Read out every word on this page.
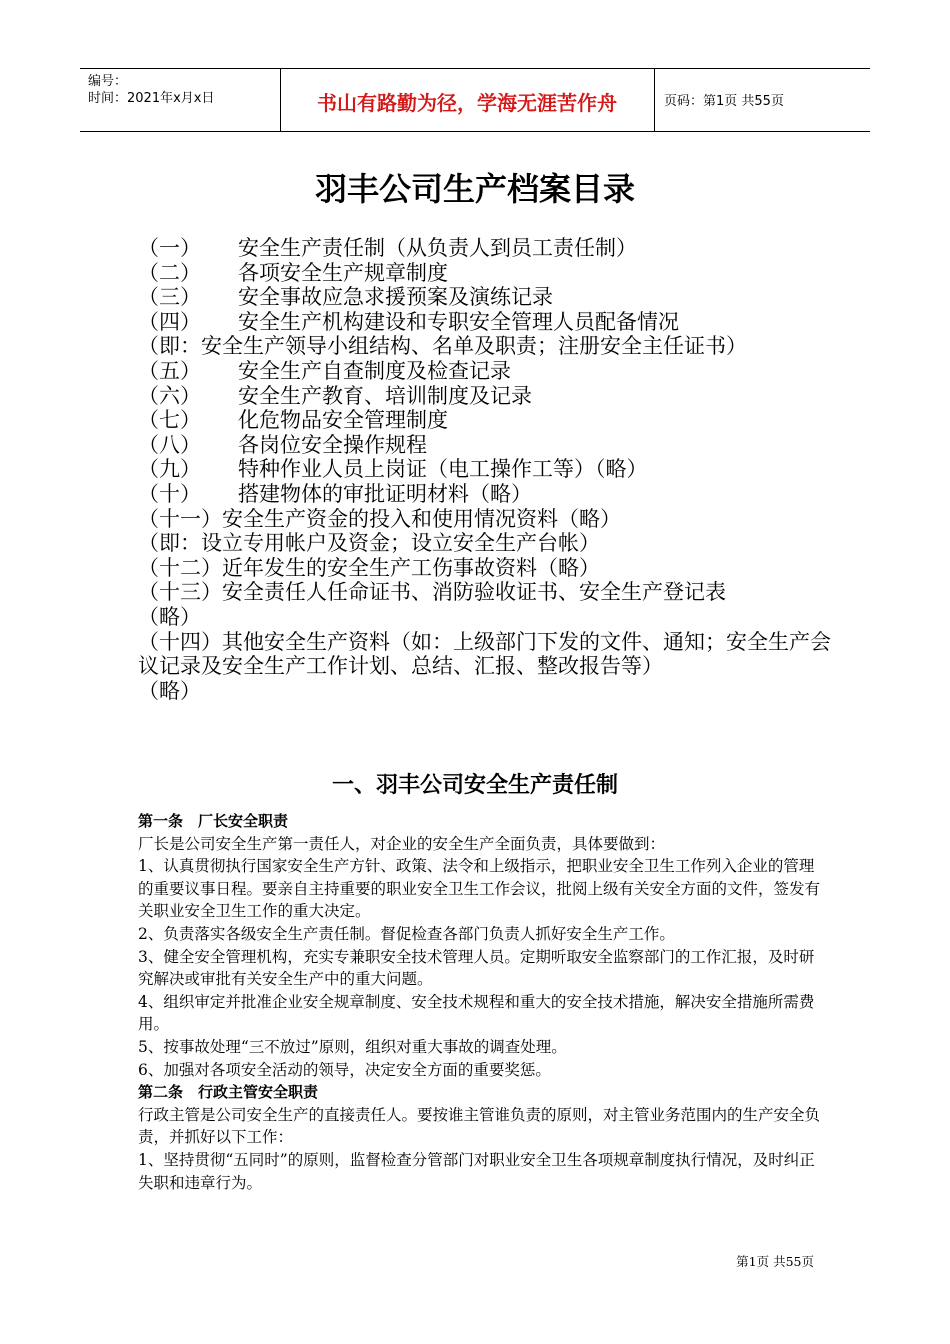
编号：
时间：2021年x月x日	书山有路勤为径，学海无涯苦作舟	页码：第1页 共55页
羽丰公司生产档案目录
（一） 安全生产责任制（从负责人到员工责任制）
（二） 各项安全生产规章制度
（三） 安全事故应急求援预案及演练记录
（四） 安全生产机构建设和专职安全管理人员配备情况
（即：安全生产领导小组结构、名单及职责；注册安全主任证书）
（五） 安全生产自查制度及检查记录
（六） 安全生产教育、培训制度及记录
（七） 化危物品安全管理制度
（八） 各岗位安全操作规程
（九） 特种作业人员上岗证（电工操作工等）（略）
（十） 搭建物体的审批证明材料（略）
（十一）安全生产资金的投入和使用情况资料（略）
（即：设立专用帐户及资金；设立安全生产台帐）
（十二）近年发生的安全生产工伤事故资料（略）
（十三）安全责任人任命证书、消防验收证书、安全生产登记表
（略）
（十四）其他安全生产资料（如：上级部门下发的文件、通知；安全生产会议记录及安全生产工作计划、总结、汇报、整改报告等）
（略）
一、羽丰公司安全生产责任制

第一条　厂长安全职责

厂长是公司安全生产第一责任人，对企业的安全生产全面负责，具体要做到：

1、认真贯彻执行国家安全生产方针、政策、法令和上级指示，把职业安全卫生工作列入企业的管理的重要议事日程。要亲自主持重要的职业安全卫生工作会议，批阅上级有关安全方面的文件，签发有关职业安全卫生工作的重大决定。

2、负责落实各级安全生产责任制。督促检查各部门负责人抓好安全生产工作。

3、健全安全管理机构，充实专兼职安全技术管理人员。定期听取安全监察部门的工作汇报，及时研究解决或审批有关安全生产中的重大问题。

4、组织审定并批准企业安全规章制度、安全技术规程和重大的安全技术措施，解决安全措施所需费用。

5、按事故处理“三不放过”原则，组织对重大事故的调查处理。

6、加强对各项安全活动的领导，决定安全方面的重要奖惩。

第二条　行政主管安全职责

行政主管是公司安全生产的直接责任人。要按谁主管谁负责的原则，对主管业务范围内的生产安全负责，并抓好以下工作：

1、坚持贯彻“五同时”的原则，监督检查分管部门对职业安全卫生各项规章制度执行情况，及时纠正失职和违章行为。

第1页 共55页
